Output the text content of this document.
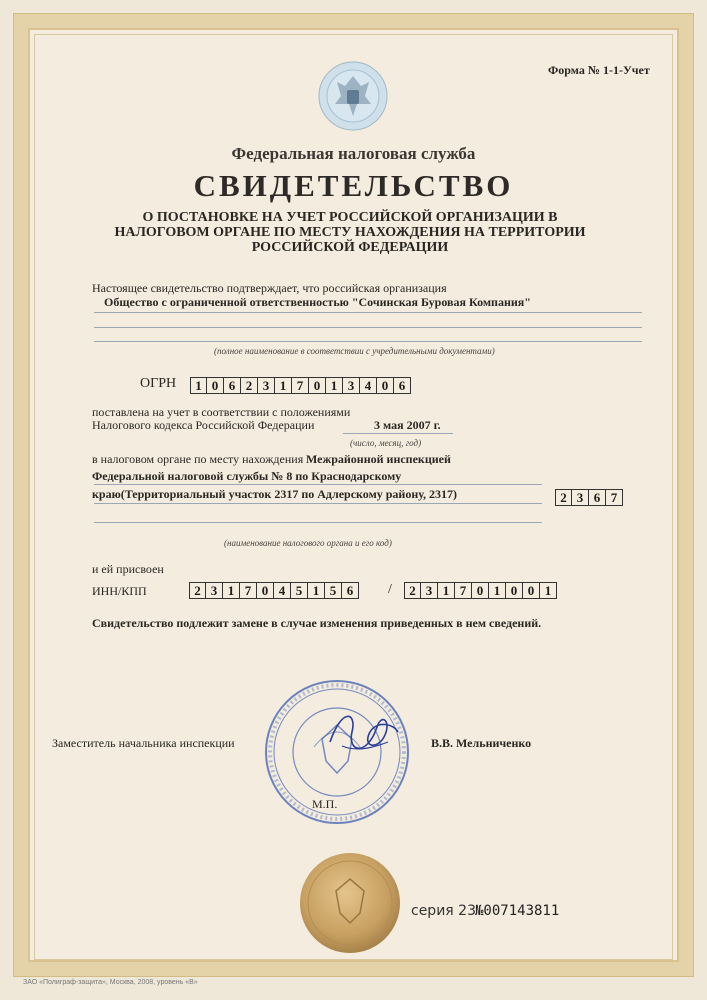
Форма № 1-1-Учет
Федеральная налоговая служба
СВИДЕТЕЛЬСТВО
О ПОСТАНОВКЕ НА УЧЕТ РОССИЙСКОЙ ОРГАНИЗАЦИИ В НАЛОГОВОМ ОРГАНЕ ПО МЕСТУ НАХОЖДЕНИЯ НА ТЕРРИТОРИИ РОССИЙСКОЙ ФЕДЕРАЦИИ
Настоящее свидетельство подтверждает, что российская организация
Общество с ограниченной ответственностью "Сочинская Буровая Компания"
(полное наименование в соответствии с учредительными документами)
ОГРН	1 0 6 2 3 1 7 0 1 3 4 0 6
поставлена на учет в соответствии с положениями
Налогового кодекса Российской Федерации	3 мая 2007 г.
(число, месяц, год)
в налоговом органе по месту нахождения Межрайонной инспекцией
Федеральной налоговой службы № 8 по Краснодарскому
краю(Территориальный участок 2317 по Адлерскому району, 2317)	2 3 6 7
(наименование налогового органа и его код)
и ей присвоен
ИНН/КПП	2 3 1 7 0 4 5 1 5 6	/	2 3 1 7 0 1 0 0 1
Свидетельство подлежит замене в случае изменения приведенных в нем сведений.
Заместитель начальника инспекции	В.В. Мельниченко
М.П.
серия 23 №007143811
ЗАО «Полиграф-защита», Москва, 2008, уровень «В»
